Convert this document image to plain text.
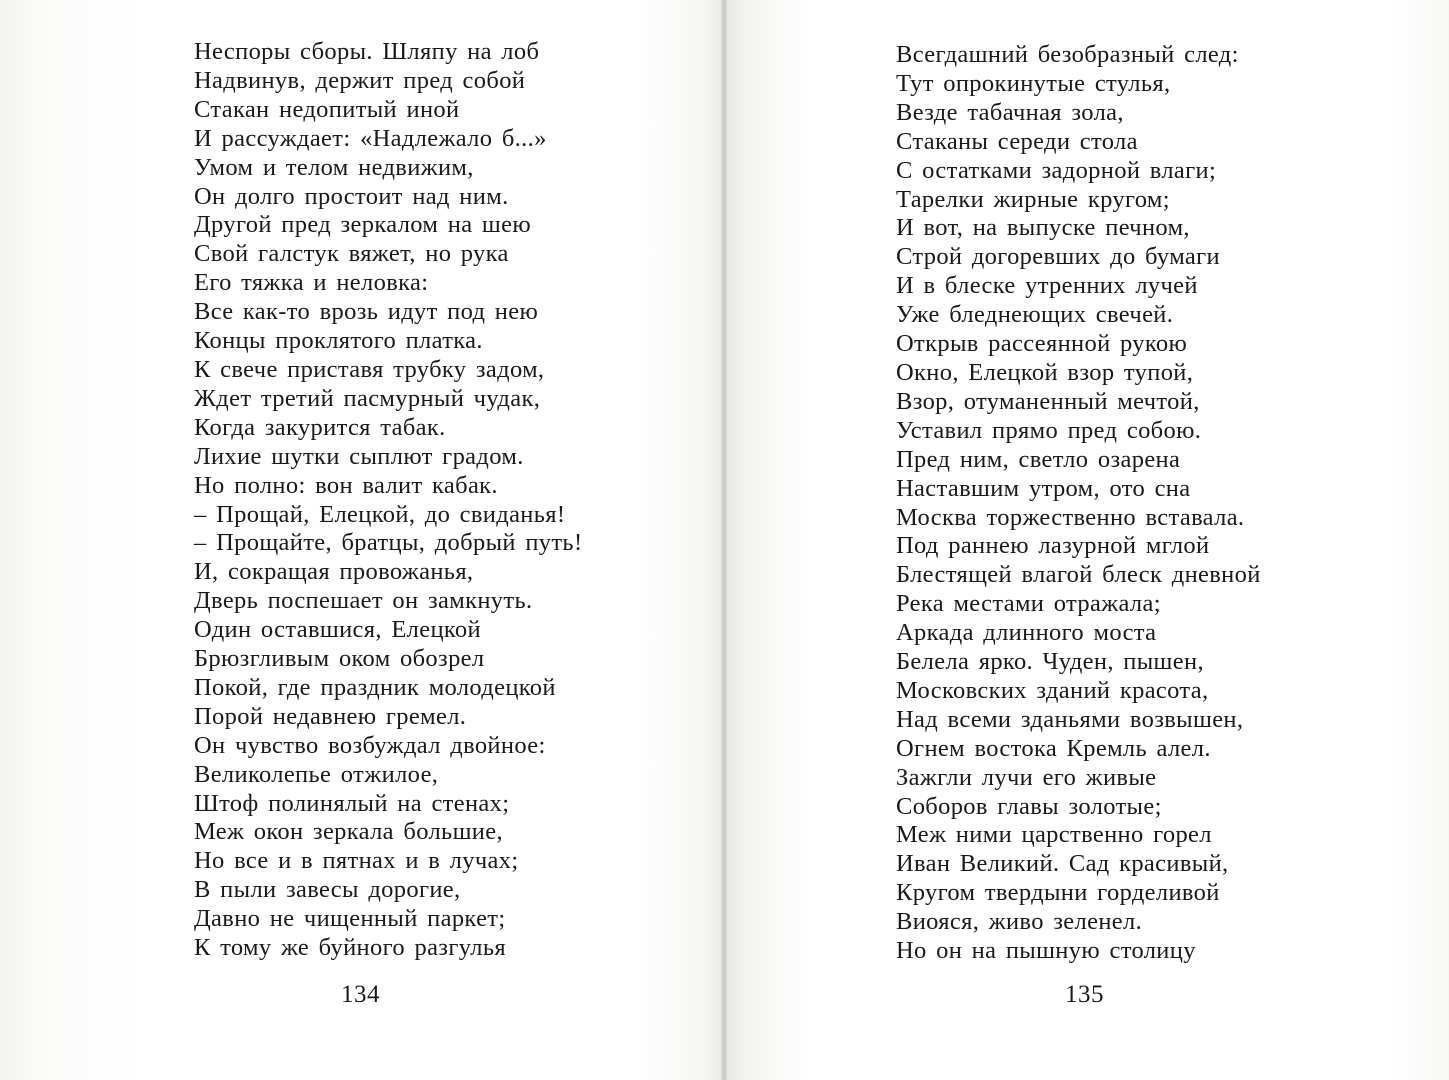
Неспоры сборы. Шляпу на лоб
Надвинув, держит пред собой
Стакан недопитый иной
И рассуждает: «Надлежало б...»
Умом и телом недвижим,
Он долго простоит над ним.
Другой пред зеркалом на шею
Свой галстук вяжет, но рука
Его тяжка и неловка:
Все как-то врозь идут под нею
Концы проклятого платка.
К свече приставя трубку задом,
Ждет третий пасмурный чудак,
Когда закурится табак.
Лихие шутки сыплют градом.
Но полно: вон валит кабак.
– Прощай, Елецкой, до свиданья!
– Прощайте, братцы, добрый путь!
И, сокращая провожанья,
Дверь поспешает он замкнуть.
Один оставшися, Елецкой
Брюзгливым оком обозрел
Покой, где праздник молодецкой
Порой недавнею гремел.
Он чувство возбуждал двойное:
Великолепье отжилое,
Штоф полинялый на стенах;
Меж окон зеркала большие,
Но все и в пятнах и в лучах;
В пыли завесы дорогие,
Давно не чищенный паркет;
К тому же буйного разгулья
134
Всегдашний безобразный след:
Тут опрокинутые стулья,
Везде табачная зола,
Стаканы середи стола
С остатками задорной влаги;
Тарелки жирные кругом;
И вот, на выпуске печном,
Строй догоревших до бумаги
И в блеске утренних лучей
Уже бледнеющих свечей.
Открыв рассеянной рукою
Окно, Елецкой взор тупой,
Взор, отуманенный мечтой,
Уставил прямо пред собою.
Пред ним, светло озарена
Наставшим утром, ото сна
Москва торжественно вставала.
Под раннею лазурной мглой
Блестящей влагой блеск дневной
Река местами отражала;
Аркада длинного моста
Белела ярко. Чуден, пышен,
Московских зданий красота,
Над всеми зданьями возвышен,
Огнем востока Кремль алел.
Зажгли лучи его живые
Соборов главы золотые;
Меж ними царственно горел
Иван Великий. Сад красивый,
Кругом твердыни горделивой
Виояся, живо зеленел.
Но он на пышную столицу
135
